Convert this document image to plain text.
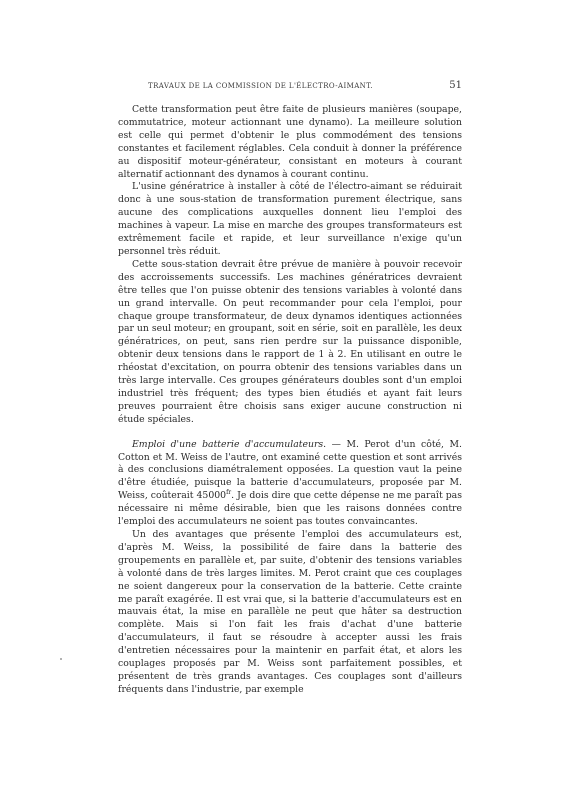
TRAVAUX DE LA COMMISSION DE L'ÉLECTRO-AIMANT.	51

Cette transformation peut être faite de plusieurs manières (soupape, commutatrice, moteur actionnant une dynamo). La meilleure solution est celle qui permet d'obtenir le plus commodément des tensions constantes et facilement réglables. Cela conduit à donner la préférence au dispositif moteur-générateur, consistant en moteurs à courant alternatif actionnant des dynamos à courant continu.

L'usine génératrice à installer à côté de l'électro-aimant se réduirait donc à une sous-station de transformation purement électrique, sans aucune des complications auxquelles donnent lieu l'emploi des machines à vapeur. La mise en marche des groupes transformateurs est extrêmement facile et rapide, et leur surveillance n'exige qu'un personnel très réduit.

Cette sous-station devrait être prévue de manière à pouvoir recevoir des accroissements successifs. Les machines génératrices devraient être telles que l'on puisse obtenir des tensions variables à volonté dans un grand intervalle. On peut recommander pour cela l'emploi, pour chaque groupe transformateur, de deux dynamos identiques actionnées par un seul moteur; en groupant, soit en série, soit en parallèle, les deux génératrices, on peut, sans rien perdre sur la puissance disponible, obtenir deux tensions dans le rapport de 1 à 2. En utilisant en outre le rhéostat d'excitation, on pourra obtenir des tensions variables dans un très large intervalle. Ces groupes générateurs doubles sont d'un emploi industriel très fréquent; des types bien étudiés et ayant fait leurs preuves pourraient être choisis sans exiger aucune construction ni étude spéciales.

Emploi d'une batterie d'accumulateurs. — M. Perot d'un côté, M. Cotton et M. Weiss de l'autre, ont examiné cette question et sont arrivés à des conclusions diamétralement opposées. La question vaut la peine d'être étudiée, puisque la batterie d'accumulateurs, proposée par M. Weiss, coûterait $45000^{fr}$. Je dois dire que cette dépense ne me paraît pas nécessaire ni même désirable, bien que les raisons données contre l'emploi des accumulateurs ne soient pas toutes convaincantes.

Un des avantages que présente l'emploi des accumulateurs est, d'après M. Weiss, la possibilité de faire dans la batterie des groupements en parallèle et, par suite, d'obtenir des tensions variables à volonté dans de très larges limites. M. Perot craint que ces couplages ne soient dangereux pour la conservation de la batterie. Cette crainte me paraît exagérée. Il est vrai que, si la batterie d'accumulateurs est en mauvais état, la mise en parallèle ne peut que hâter sa destruction complète. Mais si l'on fait les frais d'achat d'une batterie d'accumulateurs, il faut se résoudre à accepter aussi les frais d'entretien nécessaires pour la maintenir en parfait état, et alors les couplages proposés par M. Weiss sont parfaitement possibles, et présentent de très grands avantages. Ces couplages sont d'ailleurs fréquents dans l'industrie, par exemple
